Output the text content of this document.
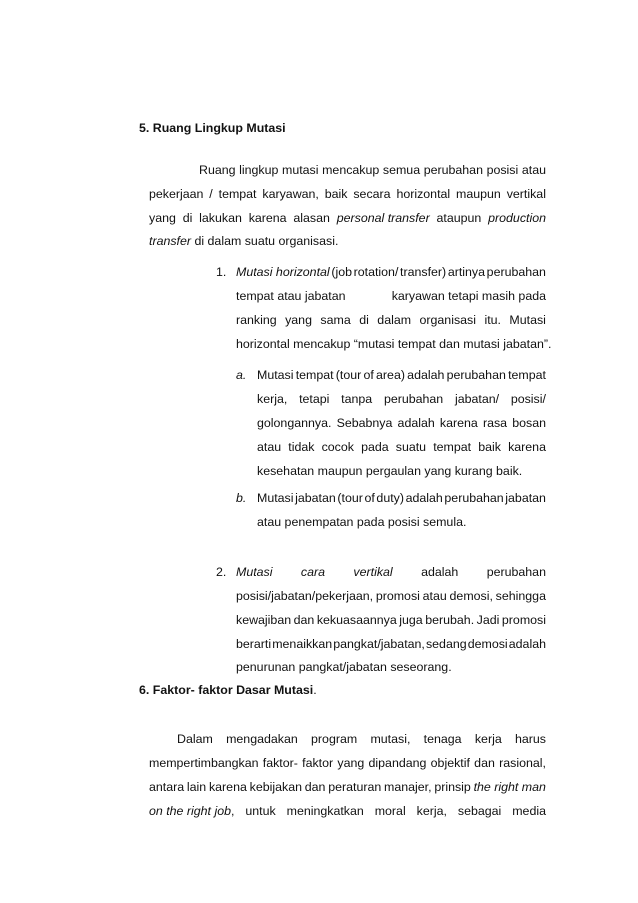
5. Ruang Lingkup Mutasi
Ruang lingkup mutasi mencakup semua perubahan posisi atau
pekerjaan / tempat karyawan, baik secara horizontal maupun vertikal
yang di lakukan karena alasan personal transfer ataupun production
transfer di dalam suatu organisasi.
1. Mutasi horizontal (job rotation/ transfer) artinya perubahan
tempat atau jabatan	karyawan tetapi masih pada
ranking yang sama di dalam organisasi itu. Mutasi
horizontal mencakup “mutasi tempat dan mutasi jabatan”.
a. Mutasi tempat (tour of area) adalah perubahan tempat
kerja, tetapi tanpa perubahan jabatan/ posisi/
golongannya. Sebabnya adalah karena rasa bosan
atau tidak cocok pada suatu tempat baik karena
kesehatan maupun pergaulan yang kurang baik.
b. Mutasi jabatan (tour of duty) adalah perubahan jabatan
atau penempatan pada posisi semula.
2. Mutasi cara vertikal adalah perubahan
posisi/jabatan/pekerjaan, promosi atau demosi, sehingga
kewajiban dan kekuasaannya juga berubah. Jadi promosi
berarti menaikkan pangkat/jabatan, sedang demosi adalah
penurunan pangkat/jabatan seseorang.
Dalam mengadakan program mutasi, tenaga kerja harus
mempertimbangkan faktor- faktor yang dipandang objektif dan rasional,
antara lain karena kebijakan dan peraturan manajer, prinsip the right man
on the right job, untuk meningkatkan moral kerja, sebagai media
6. Faktor- faktor Dasar Mutasi.
